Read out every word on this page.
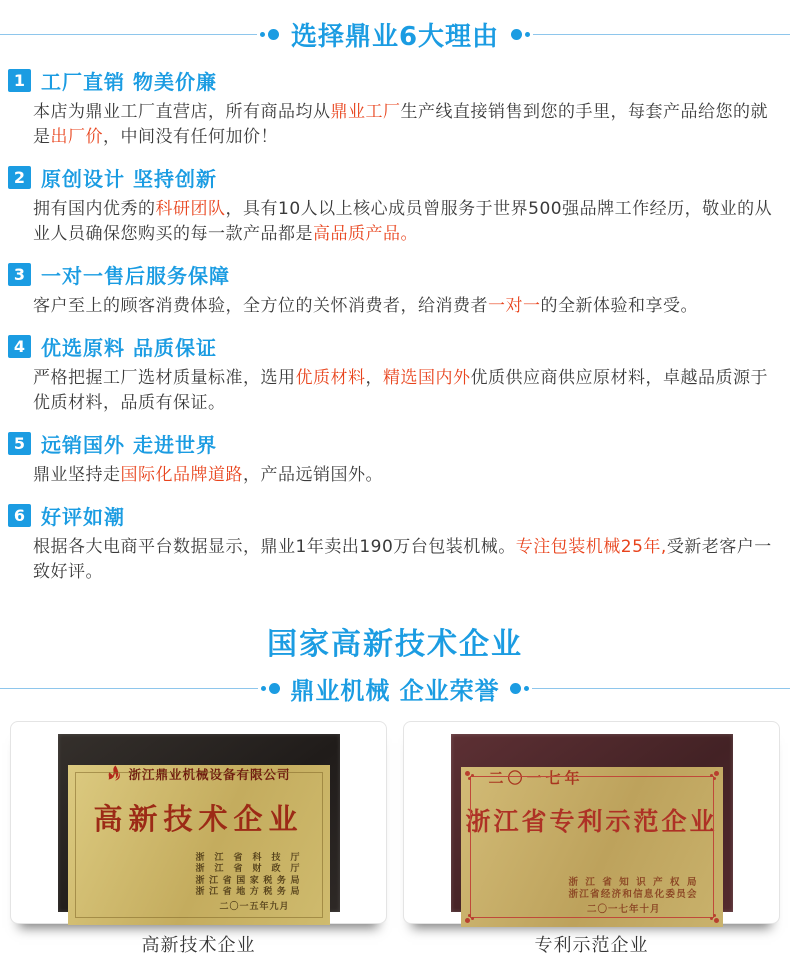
选择鼎业6大理由
1 工厂直销 物美价廉
本店为鼎业工厂直营店，所有商品均从鼎业工厂生产线直接销售到您的手里，每套产品给您的就是出厂价，中间没有任何加价！
2 原创设计 坚持创新
拥有国内优秀的科研团队，具有10人以上核心成员曾服务于世界500强品牌工作经历，敬业的从业人员确保您购买的每一款产品都是高品质产品。
3 一对一售后服务保障
客户至上的顾客消费体验，全方位的关怀消费者，给消费者一对一的全新体验和享受。
4 优选原料 品质保证
严格把握工厂选材质量标准，选用优质材料，精选国内外优质供应商供应原材料，卓越品质源于优质材料，品质有保证。
5 远销国外 走进世界
鼎业坚持走国际化品牌道路，产品远销国外。
6 好评如潮
根据各大电商平台数据显示，鼎业1年卖出190万台包装机械。专注包装机械25年,受新老客户一致好评。
国家高新技术企业
鼎业机械 企业荣誉
浙江鼎业机械设备有限公司
高新技术企业
浙江省科技厅
浙江省财政厅
浙江省国家税务局
浙江省地方税务局
二〇一五年九月
二〇一七年
浙江省专利示范企业
浙江省知识产权局
浙江省经济和信息化委员会
二〇一七年十月
高新技术企业	专利示范企业
